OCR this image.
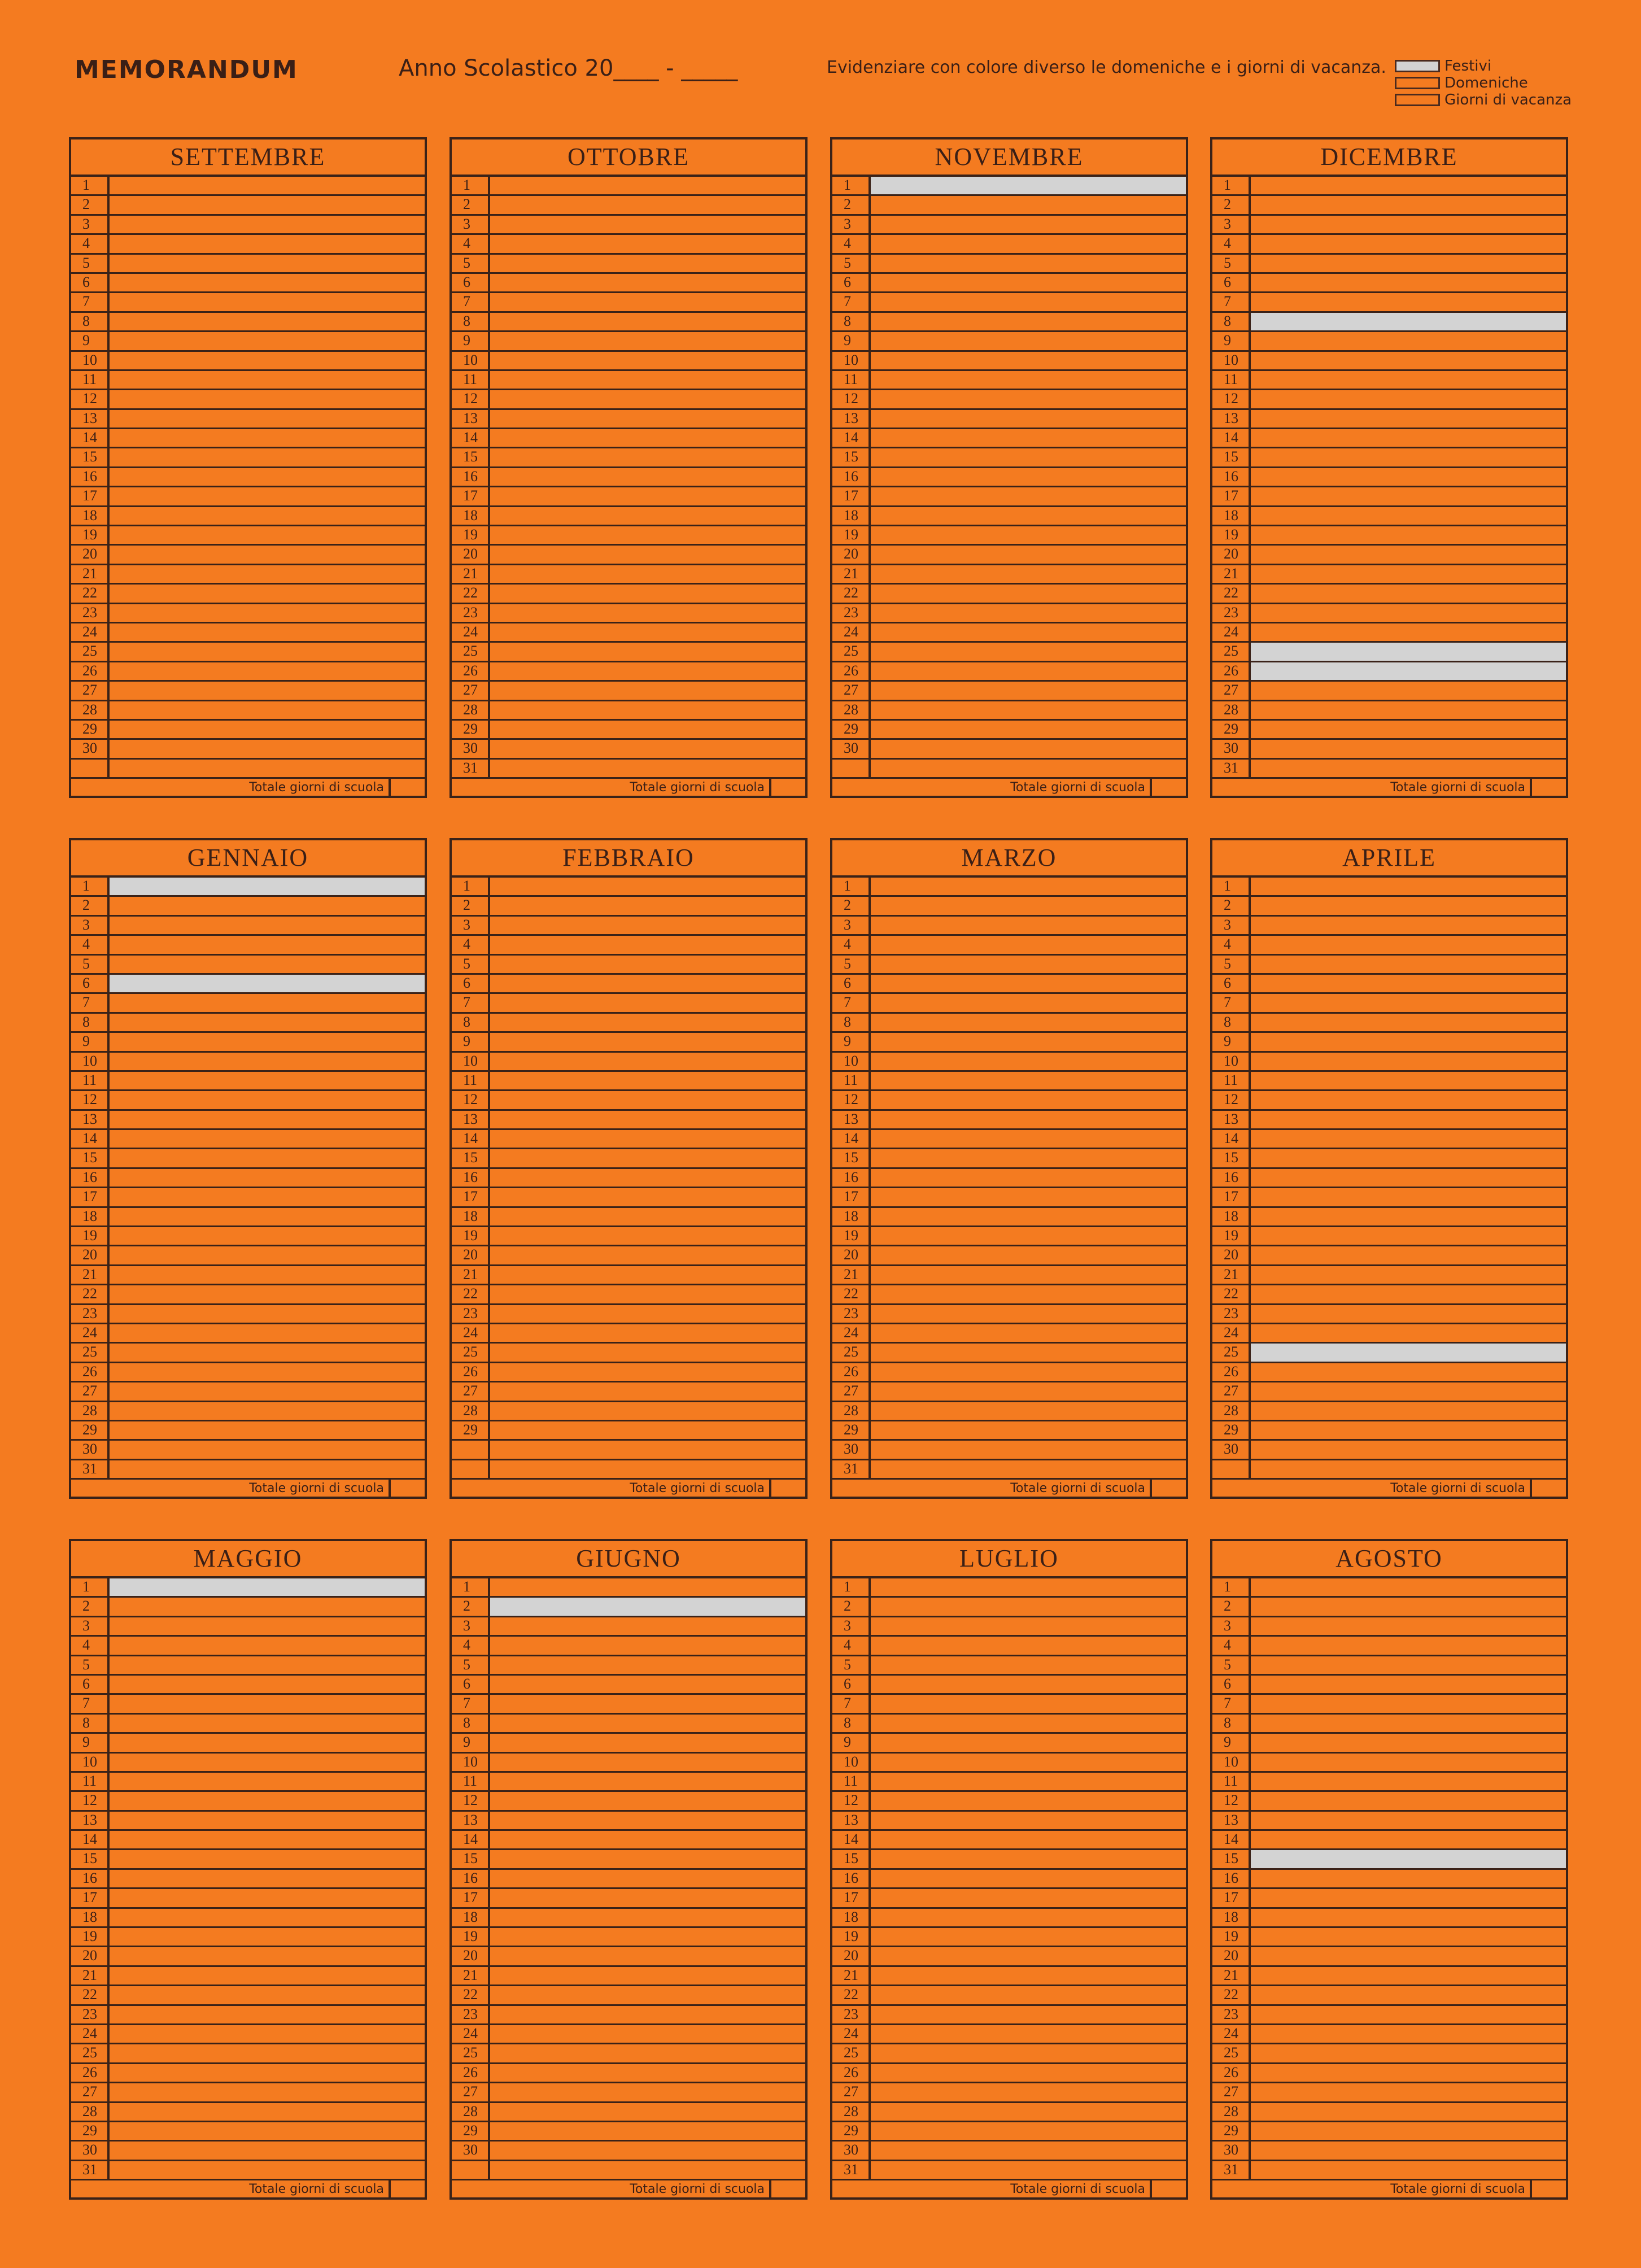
MEMORANDUM	Anno Scolastico 20____ - _____	Evidenziare con colore diverso le domeniche e i giorni di vacanza.	Festivi
Domeniche
Giorni di vacanza
SETTEMBRE
1
2
3
4
5
6
7
8
9
10
11
12
13
14
15
16
17
18
19
20
21
22
23
24
25
26
27
28
29
30
Totale giorni di scuola
OTTOBRE
1
2
3
4
5
6
7
8
9
10
11
12
13
14
15
16
17
18
19
20
21
22
23
24
25
26
27
28
29
30
31
Totale giorni di scuola
NOVEMBRE
1
2
3
4
5
6
7
8
9
10
11
12
13
14
15
16
17
18
19
20
21
22
23
24
25
26
27
28
29
30
Totale giorni di scuola
DICEMBRE
1
2
3
4
5
6
7
8
9
10
11
12
13
14
15
16
17
18
19
20
21
22
23
24
25
26
27
28
29
30
31
Totale giorni di scuola
GENNAIO
1
2
3
4
5
6
7
8
9
10
11
12
13
14
15
16
17
18
19
20
21
22
23
24
25
26
27
28
29
30
31
Totale giorni di scuola
FEBBRAIO
1
2
3
4
5
6
7
8
9
10
11
12
13
14
15
16
17
18
19
20
21
22
23
24
25
26
27
28
29
Totale giorni di scuola
MARZO
1
2
3
4
5
6
7
8
9
10
11
12
13
14
15
16
17
18
19
20
21
22
23
24
25
26
27
28
29
30
31
Totale giorni di scuola
APRILE
1
2
3
4
5
6
7
8
9
10
11
12
13
14
15
16
17
18
19
20
21
22
23
24
25
26
27
28
29
30
Totale giorni di scuola
MAGGIO
1
2
3
4
5
6
7
8
9
10
11
12
13
14
15
16
17
18
19
20
21
22
23
24
25
26
27
28
29
30
31
Totale giorni di scuola
GIUGNO
1
2
3
4
5
6
7
8
9
10
11
12
13
14
15
16
17
18
19
20
21
22
23
24
25
26
27
28
29
30
Totale giorni di scuola
LUGLIO
1
2
3
4
5
6
7
8
9
10
11
12
13
14
15
16
17
18
19
20
21
22
23
24
25
26
27
28
29
30
31
Totale giorni di scuola
AGOSTO
1
2
3
4
5
6
7
8
9
10
11
12
13
14
15
16
17
18
19
20
21
22
23
24
25
26
27
28
29
30
31
Totale giorni di scuola
